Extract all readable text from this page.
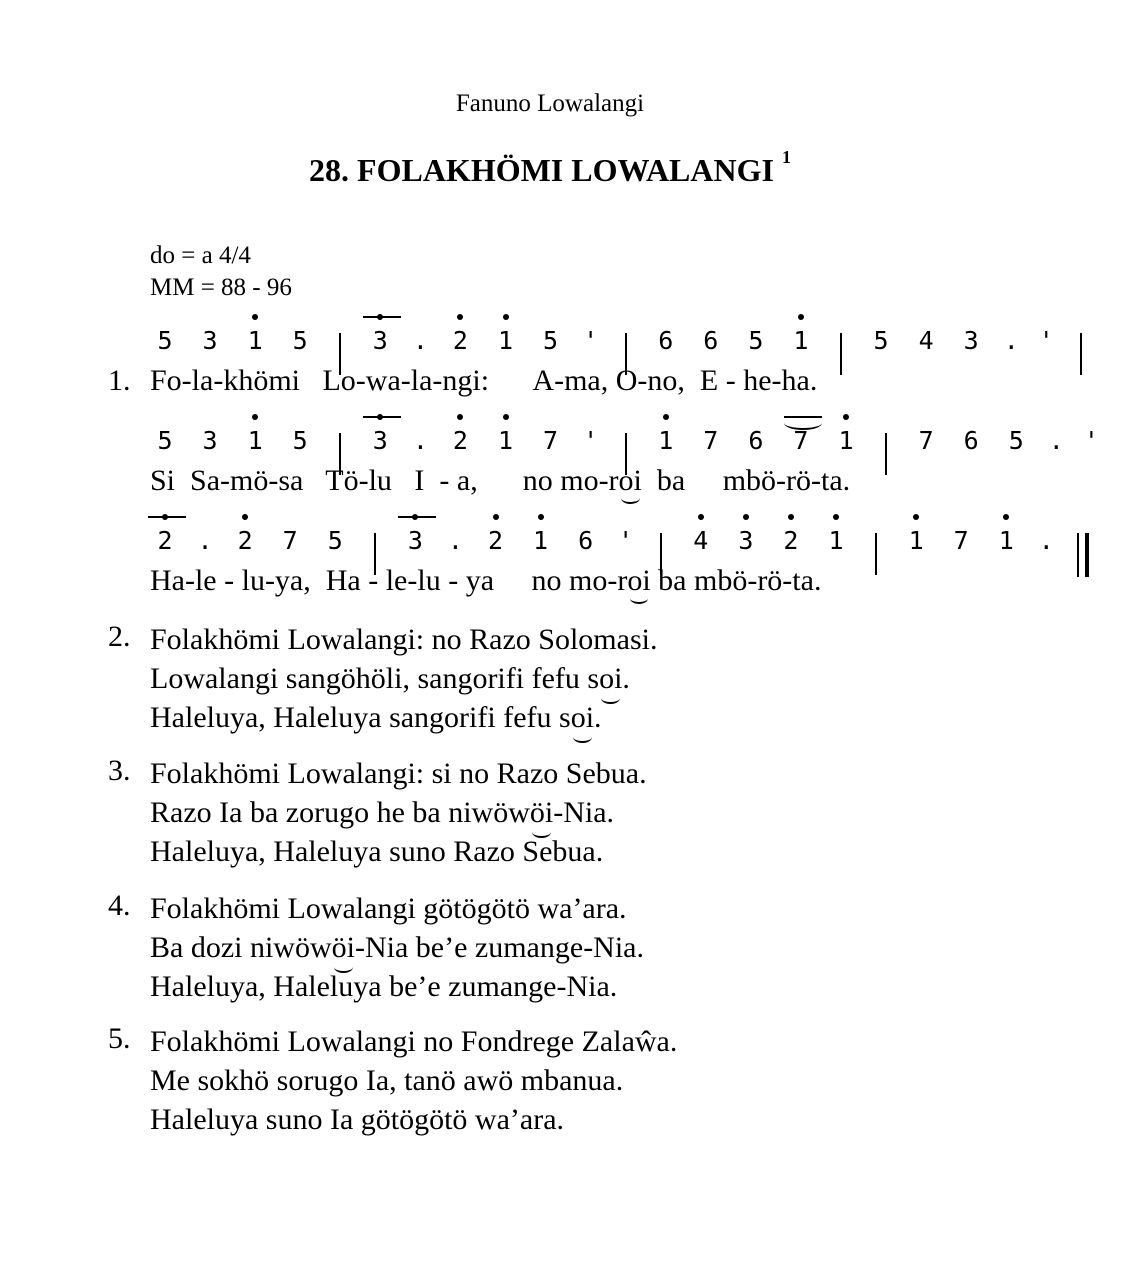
Fanuno Lowalangi
28. FOLAKHÖMI LOWALANGI $^1$
do = a 4/4
MM = 88 - 96
5 3 1 5	3 . 2 1 5 ' 6 6 5 1	5 4 3 . '
1. Fo-la-khömi   Lo-wa-la-ngi:      A-ma, O-no,  E - he-ha.
5 3 1 5	3 . 2 1 7 ' 1 7 6 7 1	7 6 5 . '
Si  Sa-mö-sa   Tö-lu   I  - a,      no mo-roi  ba     mbö-rö-ta.
2 . 2 7 5	3 . 2 1 6 ' 4 3 2 1	1 7 1 .
Ha-le - lu-ya,  Ha - le-lu - ya     no mo-roi ba mbö-rö-ta.
2. Folakhömi Lowalangi: no Razo Solomasi.
Lowalangi sangöhöli, sangorifi fefu soi.
Haleluya, Haleluya sangorifi fefu soi.
3. Folakhömi Lowalangi: si no Razo Sebua.
Razo Ia ba zorugo he ba niwöwöi-Nia.
Haleluya, Haleluya suno Razo Sebua.
4. Folakhömi Lowalangi götögötö wa’ara.
Ba dozi niwöwöi-Nia be’e zumange-Nia.
Haleluya, Haleluya be’e zumange-Nia.
5. Folakhömi Lowalangi no Fondrege Zalaŵa.
Me sokhö sorugo Ia, tanö awö mbanua.
Haleluya suno Ia götögötö wa’ara.
